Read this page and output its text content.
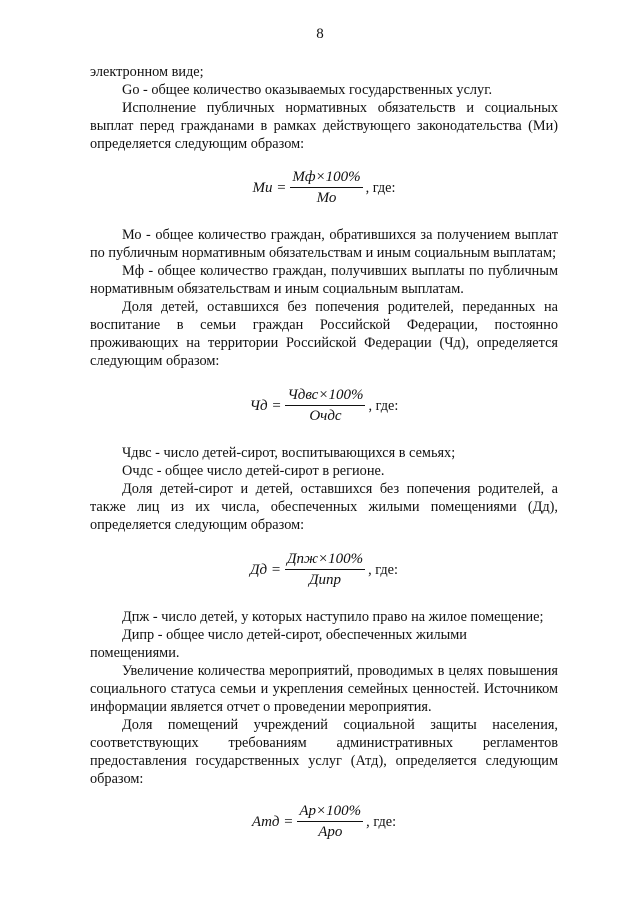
8

электронном виде;

Go - общее количество оказываемых государственных услуг.

Исполнение публичных нормативных обязательств и социальных выплат перед гражданами в рамках действующего законодательства (Ми) определяется следующим образом:

Ми = $\frac{Мф\times 100\%}{Мо}$ , где:

Мо - общее количество граждан, обратившихся за получением выплат по публичным нормативным обязательствам и иным социальным выплатам;

Мф - общее количество граждан, получивших выплаты по публичным нормативным обязательствам и иным социальным выплатам.

Доля детей, оставшихся без попечения родителей, переданных на воспитание в семьи граждан Российской Федерации, постоянно проживающих на территории Российской Федерации (Чд), определяется следующим образом:

Чд = $\frac{\text{Чдвс×100\%}}{\text{Очдс}}$ , где:

Чдвс - число детей-сирот, воспитывающихся в семьях;

Очдс - общее число детей-сирот в регионе.

Доля детей-сирот и детей, оставшихся без попечения родителей, а также лиц из их числа, обеспеченных жилыми помещениями (Дд), определяется следующим образом:

Дд = $\frac{\text{Дпж×100\%}}{\text{Дипр}}$ , где:

Дпж - число детей, у которых наступило право на жилое помещение;

Дипр - общее число детей-сирот, обеспеченных жилыми помещениями.

Увеличение количества мероприятий, проводимых в целях повышения социального статуса семьи и укрепления семейных ценностей. Источником информации является отчет о проведении мероприятия.

Доля помещений учреждений социальной защиты населения, соответствующих требованиям административных регламентов предоставления государственных услуг (Атд), определяется следующим образом:

Атд = $\frac{Ар\times 100\%}{\text{Аро}}$ , где:
